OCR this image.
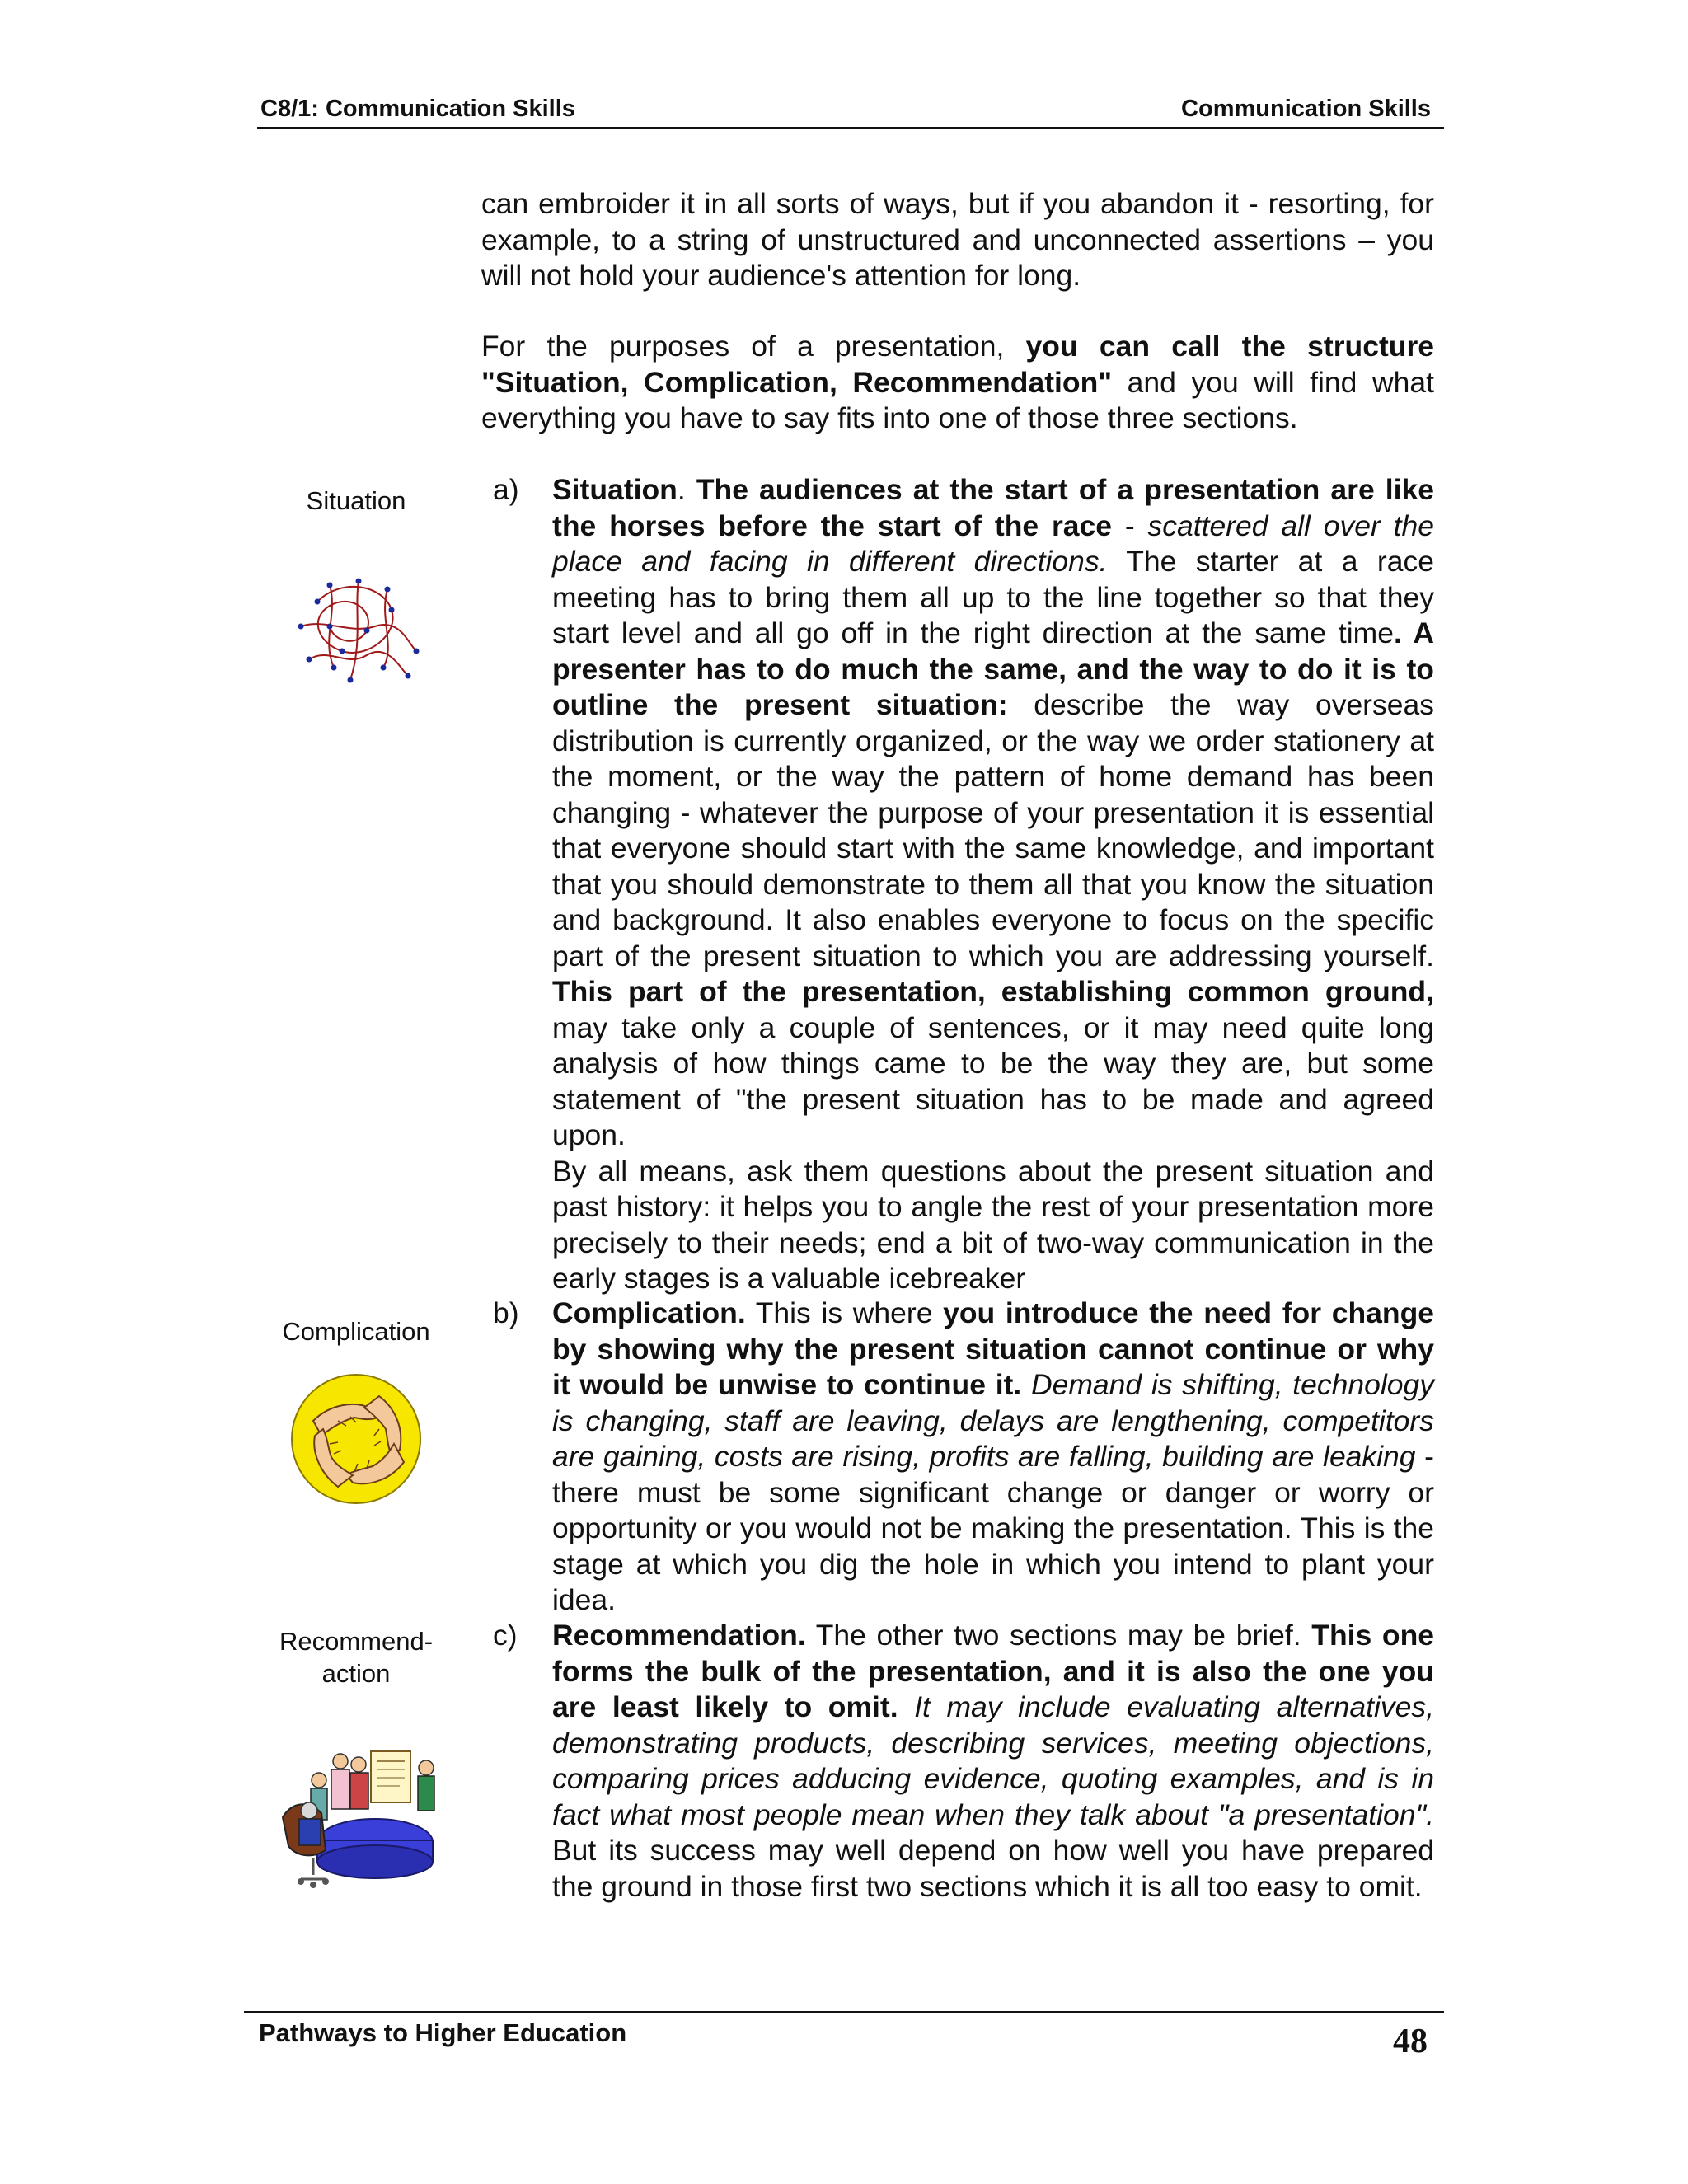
C8/1: Communication Skills	Communication Skills

can embroider it in all sorts of ways, but if you abandon it - resorting, for example, to a string of unstructured and unconnected assertions – you will not hold your audience's attention for long.

For the purposes of a presentation, you can call the structure "Situation, Complication, Recommendation" and you will find what everything you have to say fits into one of those three sections.

Situation
Complication
Recommend-
action
a)	Situation. The audiences at the start of a presentation are like the horses before the start of the race - scattered all over the place and facing in different directions. The starter at a race meeting has to bring them all up to the line together so that they start level and all go off in the right direction at the same time. A presenter has to do much the same, and the way to do it is to outline the present situation: describe the way overseas distribution is currently organized, or the way we order stationery at the moment, or the way the pattern of home demand has been changing - whatever the purpose of your presentation it is essential that everyone should start with the same knowledge, and important that you should demonstrate to them all that you know the situation and background. It also enables everyone to focus on the specific part of the present situation to which you are addressing yourself. This part of the presentation, establishing common ground, may take only a couple of sentences, or it may need quite long analysis of how things came to be the way they are, but some statement of "the present situation has to be made and agreed upon.

By all means, ask them questions about the present situation and past history: it helps you to angle the rest of your presentation more precisely to their needs; end a bit of two-way communication in the early stages is a valuable icebreaker

b)	Complication. This is where you introduce the need for change by showing why the present situation cannot continue or why it would be unwise to continue it. Demand is shifting, technology is changing, staff are leaving, delays are lengthening, competitors are gaining, costs are rising, profits are falling, building are leaking - there must be some significant change or danger or worry or opportunity or you would not be making the presentation. This is the stage at which you dig the hole in which you intend to plant your idea.

c)	Recommendation. The other two sections may be brief. This one forms the bulk of the presentation, and it is also the one you are least likely to omit. It may include evaluating alternatives, demonstrating products, describing services, meeting objections, comparing prices adducing evidence, quoting examples, and is in fact what most people mean when they talk about "a presentation". But its success may well depend on how well you have prepared the ground in those first two sections which it is all too easy to omit.

Pathways to Higher Education	48
